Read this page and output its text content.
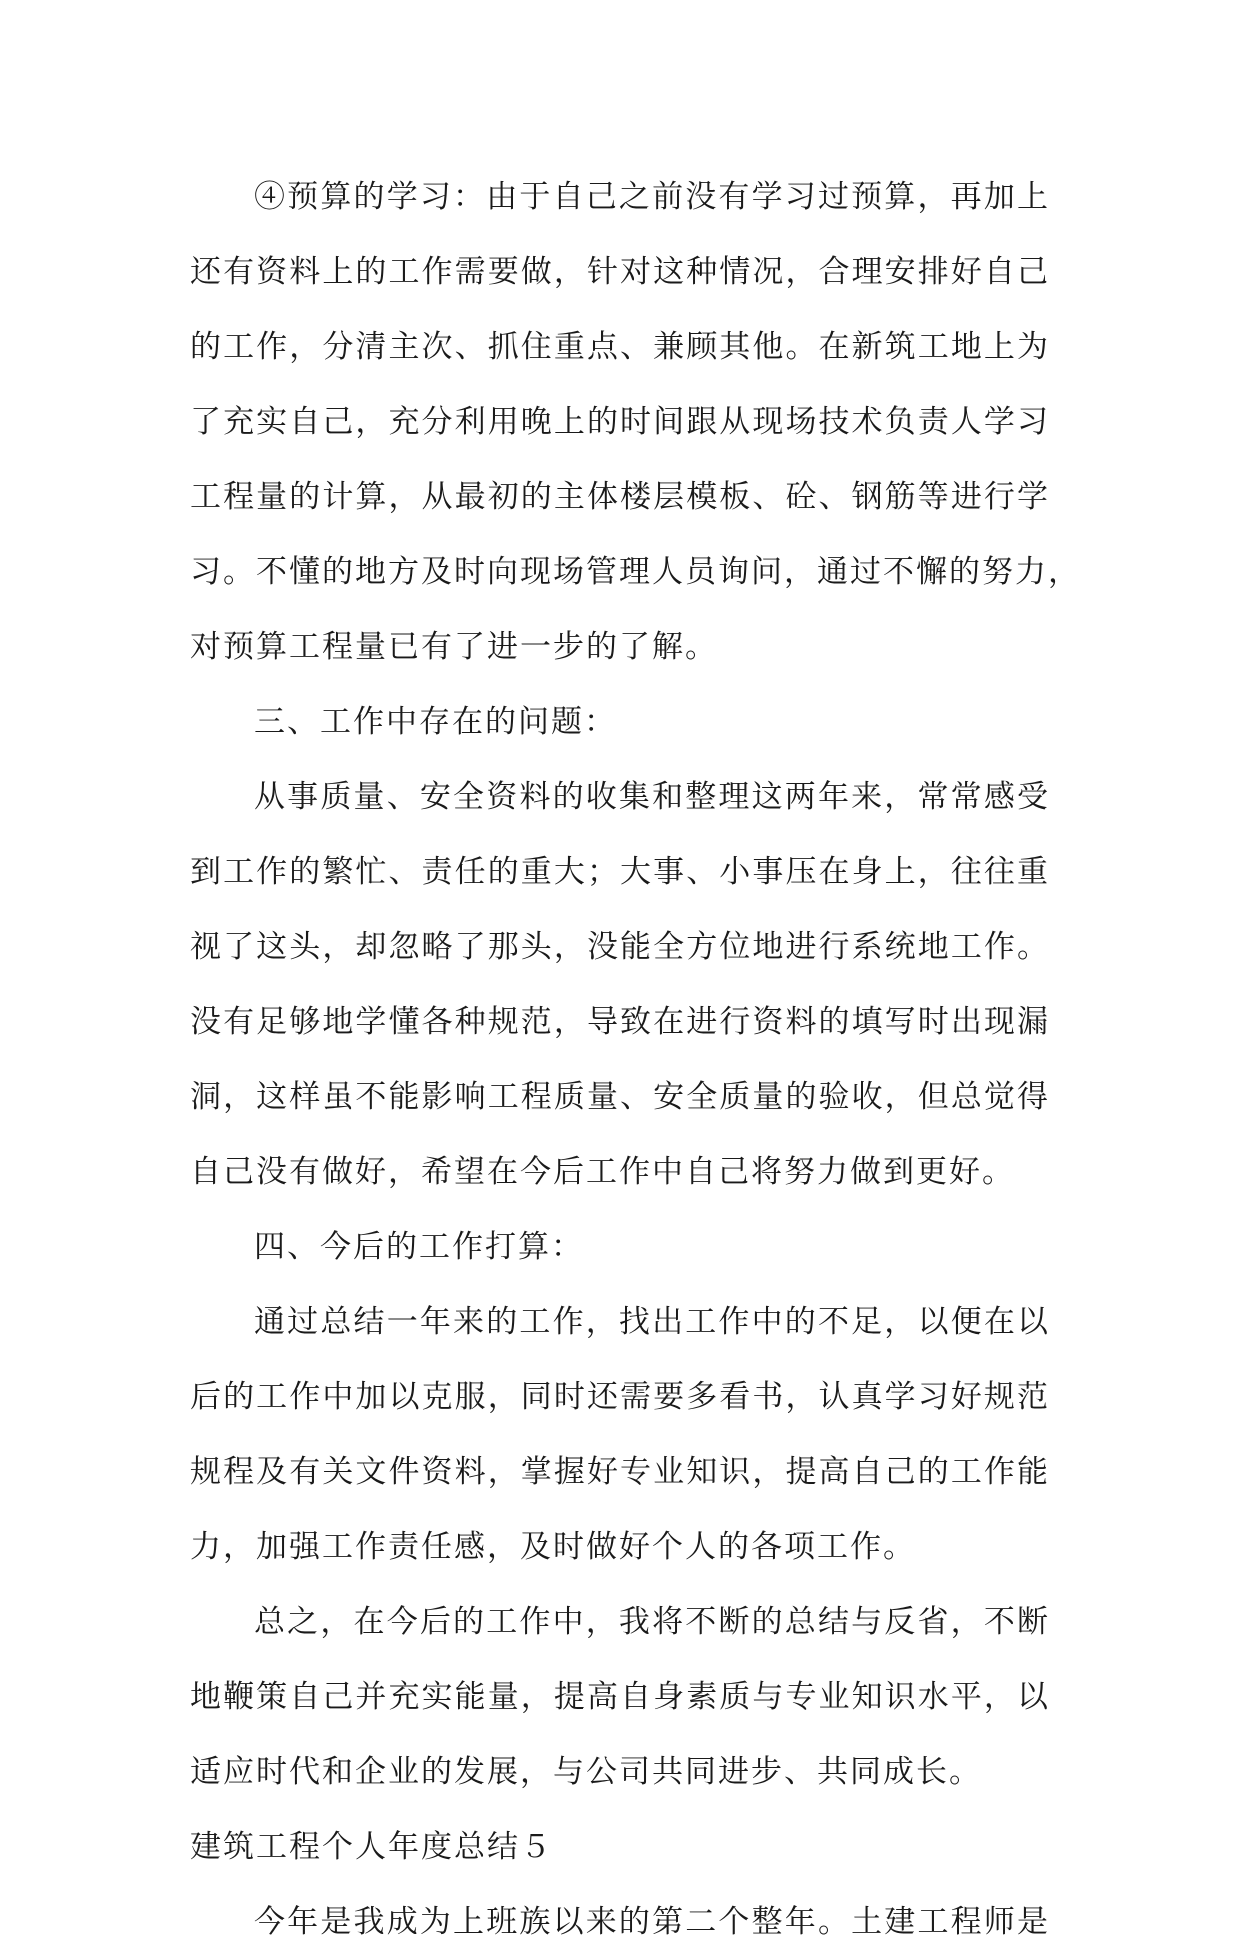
④预算的学习：由于自己之前没有学习过预算，再加上
还有资料上的工作需要做，针对这种情况，合理安排好自己
的工作，分清主次、抓住重点、兼顾其他。在新筑工地上为
了充实自己，充分利用晚上的时间跟从现场技术负责人学习
工程量的计算，从最初的主体楼层模板、砼、钢筋等进行学
习。不懂的地方及时向现场管理人员询问，通过不懈的努力，
对预算工程量已有了进一步的了解。
三、工作中存在的问题：
从事质量、安全资料的收集和整理这两年来，常常感受
到工作的繁忙、责任的重大；大事、小事压在身上，往往重
视了这头，却忽略了那头，没能全方位地进行系统地工作。
没有足够地学懂各种规范，导致在进行资料的填写时出现漏
洞，这样虽不能影响工程质量、安全质量的验收，但总觉得
自己没有做好，希望在今后工作中自己将努力做到更好。
四、今后的工作打算：
通过总结一年来的工作，找出工作中的不足，以便在以
后的工作中加以克服，同时还需要多看书，认真学习好规范
规程及有关文件资料，掌握好专业知识，提高自己的工作能
力，加强工作责任感，及时做好个人的各项工作。
总之，在今后的工作中，我将不断的总结与反省，不断
地鞭策自己并充实能量，提高自身素质与专业知识水平，以
适应时代和企业的发展，与公司共同进步、共同成长。
建筑工程个人年度总结５
今年是我成为上班族以来的第二个整年。土建工程师是
